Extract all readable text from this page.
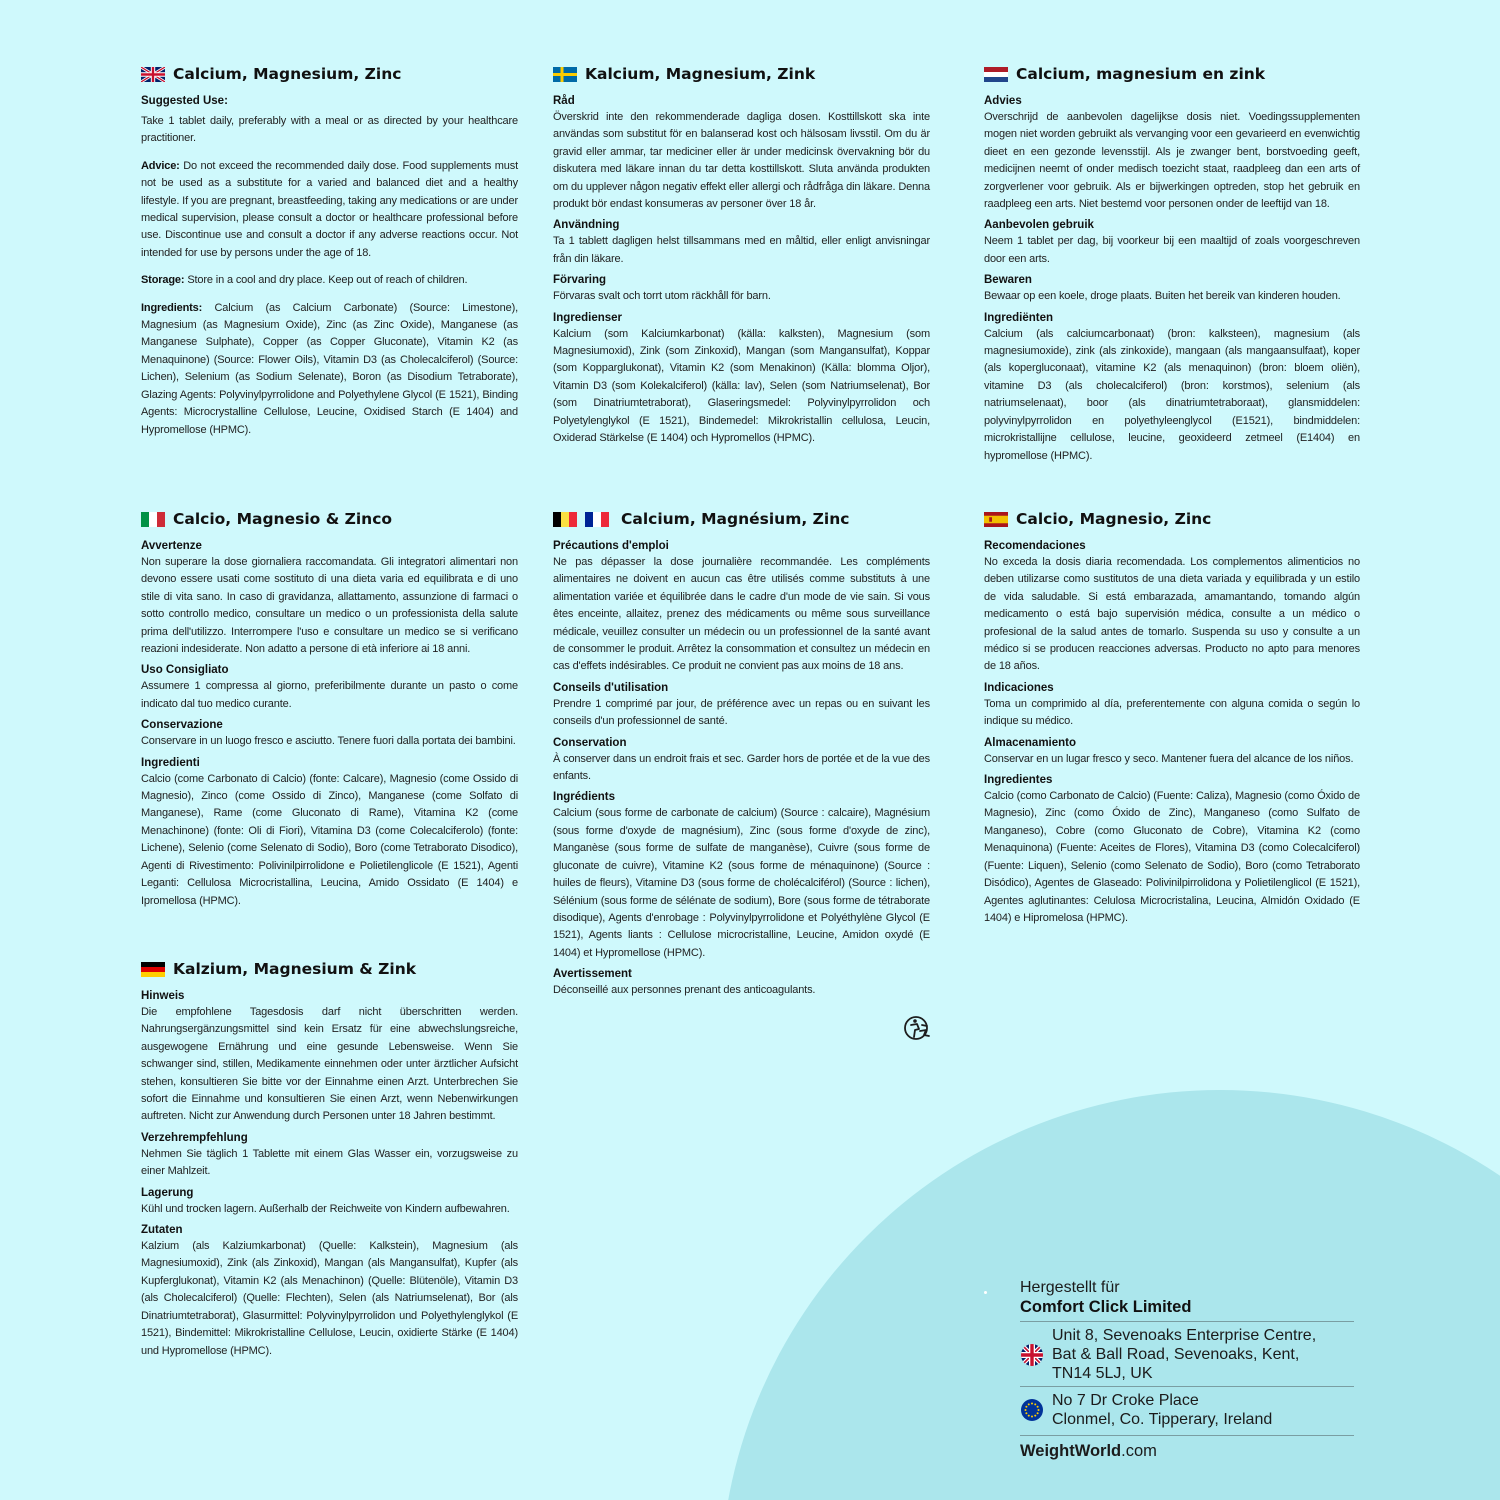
Calcium, Magnesium, Zinc
Suggested Use:
Take 1 tablet daily, preferably with a meal or as directed by your healthcare practitioner.
Advice: Do not exceed the recommended daily dose. Food supplements must not be used as a substitute for a varied and balanced diet and a healthy lifestyle. If you are pregnant, breastfeeding, taking any medications or are under medical supervision, please consult a doctor or healthcare professional before use. Discontinue use and consult a doctor if any adverse reactions occur. Not intended for use by persons under the age of 18.
Storage: Store in a cool and dry place. Keep out of reach of children.
Ingredients: Calcium (as Calcium Carbonate) (Source: Limestone), Magnesium (as Magnesium Oxide), Zinc (as Zinc Oxide), Manganese (as Manganese Sulphate), Copper (as Copper Gluconate), Vitamin K2 (as Menaquinone) (Source: Flower Oils), Vitamin D3 (as Cholecalciferol) (Source: Lichen), Selenium (as Sodium Selenate), Boron (as Disodium Tetraborate), Glazing Agents: Polyvinylpyrrolidone and Polyethylene Glycol (E 1521), Binding Agents: Microcrystalline Cellulose, Leucine, Oxidised Starch (E 1404) and Hypromellose (HPMC).
Kalcium, Magnesium, Zink
Råd
Överskrid inte den rekommenderade dagliga dosen. Kosttillskott ska inte användas som substitut för en balanserad kost och hälsosam livsstil. Om du är gravid eller ammar, tar mediciner eller är under medicinsk övervakning bör du diskutera med läkare innan du tar detta kosttillskott. Sluta använda produkten om du upplever någon negativ effekt eller allergi och rådfråga din läkare. Denna produkt bör endast konsumeras av personer över 18 år.
Användning
Ta 1 tablett dagligen helst tillsammans med en måltid, eller enligt anvisningar från din läkare.
Förvaring
Förvaras svalt och torrt utom räckhåll för barn.
Ingredienser
Kalcium (som Kalciumkarbonat) (källa: kalksten), Magnesium (som Magnesiumoxid), Zink (som Zinkoxid), Mangan (som Mangansulfat), Koppar (som Kopparglukonat), Vitamin K2 (som Menakinon) (Källa: blomma Oljor), Vitamin D3 (som Kolekalciferol) (källa: lav), Selen (som Natriumselenat), Bor (som Dinatriumtetraborat), Glaseringsmedel: Polyvinylpyrrolidon och Polyetylenglykol (E 1521), Bindemedel: Mikrokristallin cellulosa, Leucin, Oxiderad Stärkelse (E 1404) och Hypromellos (HPMC).
Calcium, magnesium en zink
Advies
Overschrijd de aanbevolen dagelijkse dosis niet. Voedingssupplementen mogen niet worden gebruikt als vervanging voor een gevarieerd en evenwichtig dieet en een gezonde levensstijl. Als je zwanger bent, borstvoeding geeft, medicijnen neemt of onder medisch toezicht staat, raadpleeg dan een arts of zorgverlener voor gebruik. Als er bijwerkingen optreden, stop het gebruik en raadpleeg een arts. Niet bestemd voor personen onder de leeftijd van 18.
Aanbevolen gebruik
Neem 1 tablet per dag, bij voorkeur bij een maaltijd of zoals voorgeschreven door een arts.
Bewaren
Bewaar op een koele, droge plaats. Buiten het bereik van kinderen houden.
Ingrediënten
Calcium (als calciumcarbonaat) (bron: kalksteen), magnesium (als magnesiumoxide), zink (als zinkoxide), mangaan (als mangaansulfaat), koper (als kopergluconaat), vitamine K2 (als menaquinon) (bron: bloem oliën), vitamine D3 (als cholecalciferol) (bron: korstmos), selenium (als natriumselenaat), boor (als dinatriumtetraboraat), glansmiddelen: polyvinylpyrrolidon en polyethyleenglycol (E1521), bindmiddelen: microkristallijne cellulose, leucine, geoxideerd zetmeel (E1404) en hypromellose (HPMC).
Calcio, Magnesio & Zinco
Avvertenze
Non superare la dose giornaliera raccomandata. Gli integratori alimentari non devono essere usati come sostituto di una dieta varia ed equilibrata e di uno stile di vita sano. In caso di gravidanza, allattamento, assunzione di farmaci o sotto controllo medico, consultare un medico o un professionista della salute prima dell'utilizzo. Interrompere l'uso e consultare un medico se si verificano reazioni indesiderate. Non adatto a persone di età inferiore ai 18 anni.
Uso Consigliato
Assumere 1 compressa al giorno, preferibilmente durante un pasto o come indicato dal tuo medico curante.
Conservazione
Conservare in un luogo fresco e asciutto. Tenere fuori dalla portata dei bambini.
Ingredienti
Calcio (come Carbonato di Calcio) (fonte: Calcare), Magnesio (come Ossido di Magnesio), Zinco (come Ossido di Zinco), Manganese (come Solfato di Manganese), Rame (come Gluconato di Rame), Vitamina K2 (come Menachinone) (fonte: Oli di Fiori), Vitamina D3 (come Colecalciferolo) (fonte: Lichene), Selenio (come Selenato di Sodio), Boro (come Tetraborato Disodico), Agenti di Rivestimento: Polivinilpirrolidone e Polietilenglicole (E 1521), Agenti Leganti: Cellulosa Microcristallina, Leucina, Amido Ossidato (E 1404) e Ipromellosa (HPMC).
Calcium, Magnésium, Zinc
Précautions d'emploi
Ne pas dépasser la dose journalière recommandée. Les compléments alimentaires ne doivent en aucun cas être utilisés comme substituts à une alimentation variée et équilibrée dans le cadre d'un mode de vie sain. Si vous êtes enceinte, allaitez, prenez des médicaments ou même sous surveillance médicale, veuillez consulter un médecin ou un professionnel de la santé avant de consommer le produit. Arrêtez la consommation et consultez un médecin en cas d'effets indésirables. Ce produit ne convient pas aux moins de 18 ans.
Conseils d'utilisation
Prendre 1 comprimé par jour, de préférence avec un repas ou en suivant les conseils d'un professionnel de santé.
Conservation
À conserver dans un endroit frais et sec. Garder hors de portée et de la vue des enfants.
Ingrédients
Calcium (sous forme de carbonate de calcium) (Source : calcaire), Magnésium (sous forme d'oxyde de magnésium), Zinc (sous forme d'oxyde de zinc), Manganèse (sous forme de sulfate de manganèse), Cuivre (sous forme de gluconate de cuivre), Vitamine K2 (sous forme de ménaquinone) (Source : huiles de fleurs), Vitamine D3 (sous forme de cholécalciférol) (Source : lichen), Sélénium (sous forme de sélénate de sodium), Bore (sous forme de tétraborate disodique), Agents d'enrobage : Polyvinylpyrrolidone et Polyéthylène Glycol (E 1521), Agents liants : Cellulose microcristalline, Leucine, Amidon oxydé (E 1404) et Hypromellose (HPMC).
Avertissement
Déconseillé aux personnes prenant des anticoagulants.
Calcio, Magnesio, Zinc
Recomendaciones
No exceda la dosis diaria recomendada. Los complementos alimenticios no deben utilizarse como sustitutos de una dieta variada y equilibrada y un estilo de vida saludable. Si está embarazada, amamantando, tomando algún medicamento o está bajo supervisión médica, consulte a un médico o profesional de la salud antes de tomarlo. Suspenda su uso y consulte a un médico si se producen reacciones adversas. Producto no apto para menores de 18 años.
Indicaciones
Toma un comprimido al día, preferentemente con alguna comida o según lo indique su médico.
Almacenamiento
Conservar en un lugar fresco y seco. Mantener fuera del alcance de los niños.
Ingredientes
Calcio (como Carbonato de Calcio) (Fuente: Caliza), Magnesio (como Óxido de Magnesio), Zinc (como Óxido de Zinc), Manganeso (como Sulfato de Manganeso), Cobre (como Gluconato de Cobre), Vitamina K2 (como Menaquinona) (Fuente: Aceites de Flores), Vitamina D3 (como Colecalciferol) (Fuente: Liquen), Selenio (como Selenato de Sodio), Boro (como Tetraborato Disódico), Agentes de Glaseado: Polivinilpirrolidona y Polietilenglicol (E 1521), Agentes aglutinantes: Celulosa Microcristalina, Leucina, Almidón Oxidado (E 1404) e Hipromelosa (HPMC).
Kalzium, Magnesium & Zink
Hinweis
Die empfohlene Tagesdosis darf nicht überschritten werden. Nahrungsergänzungsmittel sind kein Ersatz für eine abwechslungsreiche, ausgewogene Ernährung und eine gesunde Lebensweise. Wenn Sie schwanger sind, stillen, Medikamente einnehmen oder unter ärztlicher Aufsicht stehen, konsultieren Sie bitte vor der Einnahme einen Arzt. Unterbrechen Sie sofort die Einnahme und konsultieren Sie einen Arzt, wenn Nebenwirkungen auftreten. Nicht zur Anwendung durch Personen unter 18 Jahren bestimmt.
Verzehrempfehlung
Nehmen Sie täglich 1 Tablette mit einem Glas Wasser ein, vorzugsweise zu einer Mahlzeit.
Lagerung
Kühl und trocken lagern. Außerhalb der Reichweite von Kindern aufbewahren.
Zutaten
Kalzium (als Kalziumkarbonat) (Quelle: Kalkstein), Magnesium (als Magnesiumoxid), Zink (als Zinkoxid), Mangan (als Mangansulfat), Kupfer (als Kupferglukonat), Vitamin K2 (als Menachinon) (Quelle: Blütenöle), Vitamin D3 (als Cholecalciferol) (Quelle: Flechten), Selen (als Natriumselenat), Bor (als Dinatriumtetraborat), Glasurmittel: Polyvinylpyrrolidon und Polyethylenglykol (E 1521), Bindemittel: Mikrokristalline Cellulose, Leucin, oxidierte Stärke (E 1404) und Hypromellose (HPMC).
Hergestellt für
Comfort Click Limited
Unit 8, Sevenoaks Enterprise Centre,
Bat & Ball Road, Sevenoaks, Kent,
TN14 5LJ, UK
No 7 Dr Croke Place
Clonmel, Co. Tipperary, Ireland
WeightWorld.com
